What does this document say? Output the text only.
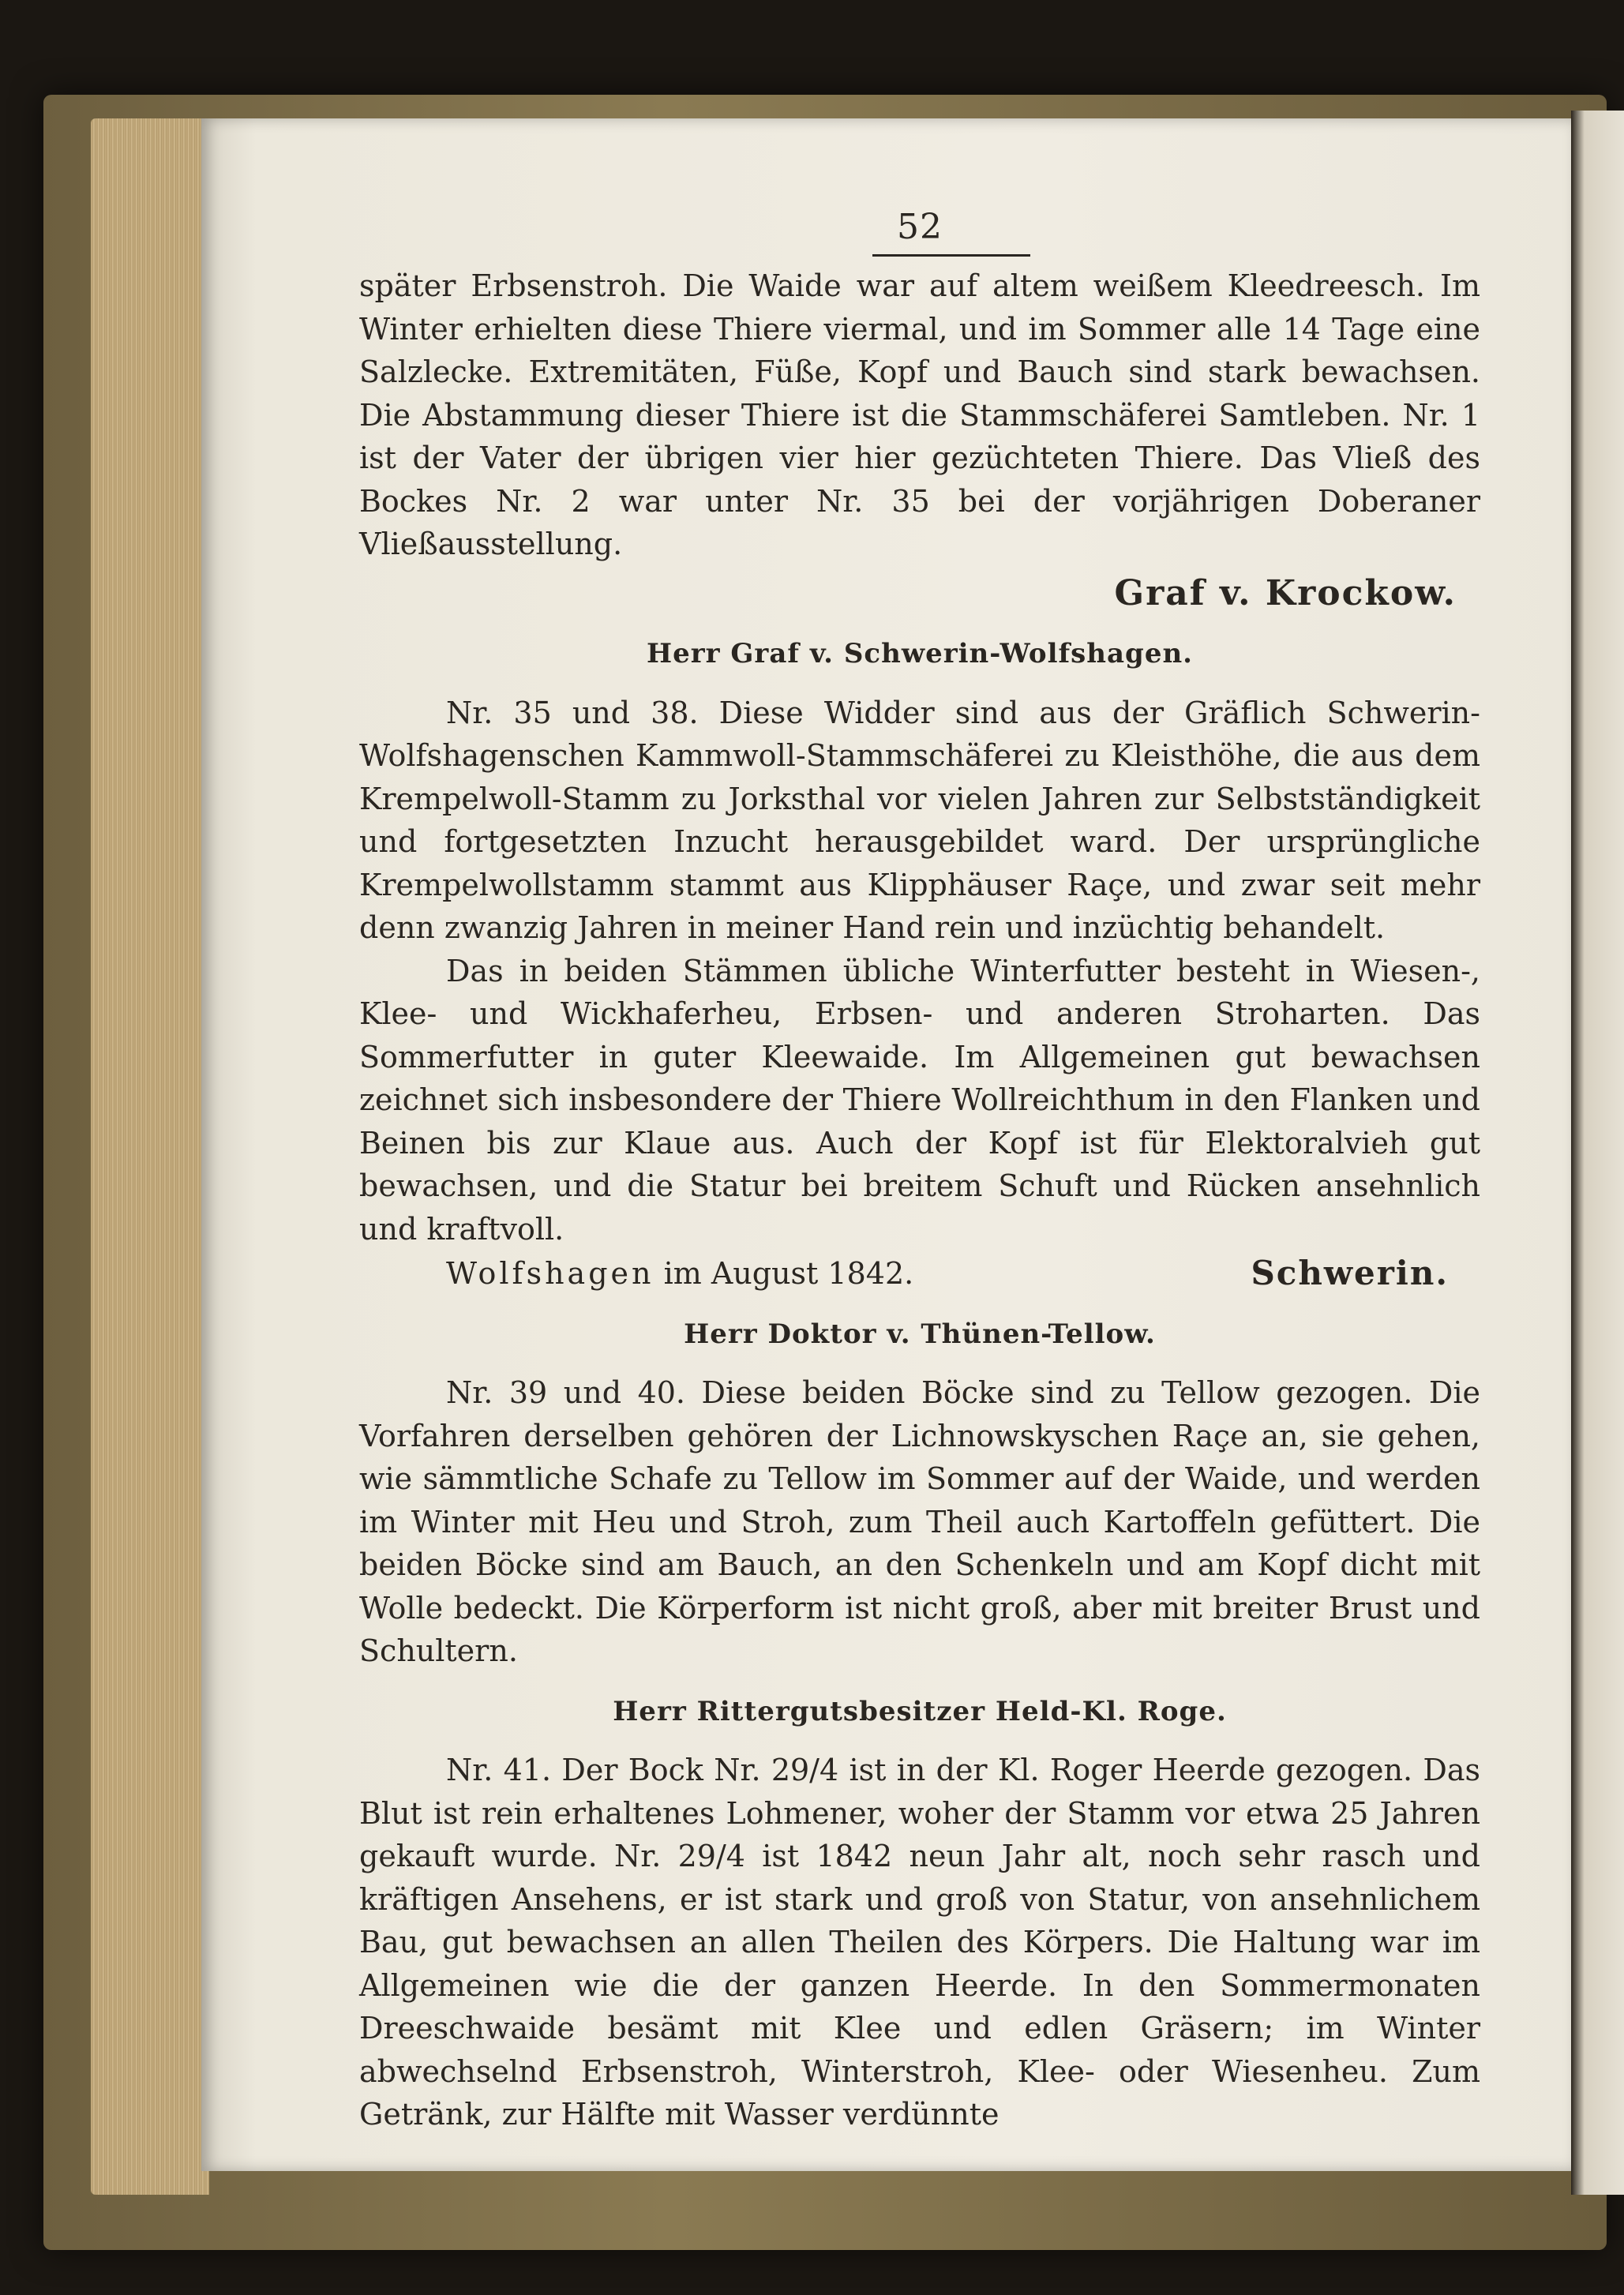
52

später Erbsenstroh. Die Waide war auf altem weißem Kleedreesch. Im Winter erhielten diese Thiere viermal, und im Sommer alle 14 Tage eine Salzlecke. Extremitäten, Füße, Kopf und Bauch sind stark bewachsen. Die Abstammung dieser Thiere ist die Stammschäferei Samtleben. Nr. 1 ist der Vater der übrigen vier hier gezüchteten Thiere. Das Vließ des Bockes Nr. 2 war unter Nr. 35 bei der vorjährigen Doberaner Vließausstellung.

Graf v. Krockow.
Herr Graf v. Schwerin-Wolfshagen.

Nr. 35 und 38. Diese Widder sind aus der Gräflich Schwerin-Wolfshagenschen Kammwoll-Stammschäferei zu Kleisthöhe, die aus dem Krempelwoll-Stamm zu Jorksthal vor vielen Jahren zur Selbstständigkeit und fortgesetzten Inzucht herausgebildet ward. Der ursprüngliche Krempelwollstamm stammt aus Klipphäuser Raçe, und zwar seit mehr denn zwanzig Jahren in meiner Hand rein und inzüchtig behandelt.

Das in beiden Stämmen übliche Winterfutter besteht in Wiesen-, Klee- und Wickhaferheu, Erbsen- und anderen Stroharten. Das Sommerfutter in guter Kleewaide. Im Allgemeinen gut bewachsen zeichnet sich insbesondere der Thiere Wollreichthum in den Flanken und Beinen bis zur Klaue aus. Auch der Kopf ist für Elektoralvieh gut bewachsen, und die Statur bei breitem Schuft und Rücken ansehnlich und kraftvoll.

Wolfshagen im August 1842.	Schwerin.
Herr Doktor v. Thünen-Tellow.

Nr. 39 und 40. Diese beiden Böcke sind zu Tellow gezogen. Die Vorfahren derselben gehören der Lichnowskyschen Raçe an, sie gehen, wie sämmtliche Schafe zu Tellow im Sommer auf der Waide, und werden im Winter mit Heu und Stroh, zum Theil auch Kartoffeln gefüttert. Die beiden Böcke sind am Bauch, an den Schenkeln und am Kopf dicht mit Wolle bedeckt. Die Körperform ist nicht groß, aber mit breiter Brust und Schultern.

Herr Rittergutsbesitzer Held-Kl. Roge.

Nr. 41. Der Bock Nr. 29/4 ist in der Kl. Roger Heerde gezogen. Das Blut ist rein erhaltenes Lohmener, woher der Stamm vor etwa 25 Jahren gekauft wurde. Nr. 29/4 ist 1842 neun Jahr alt, noch sehr rasch und kräftigen Ansehens, er ist stark und groß von Statur, von ansehnlichem Bau, gut bewachsen an allen Theilen des Körpers. Die Haltung war im Allgemeinen wie die der ganzen Heerde. In den Sommermonaten Dreeschwaide besämt mit Klee und edlen Gräsern; im Winter abwechselnd Erbsenstroh, Winterstroh, Klee- oder Wiesenheu. Zum Getränk, zur Hälfte mit Wasser verdünnte
